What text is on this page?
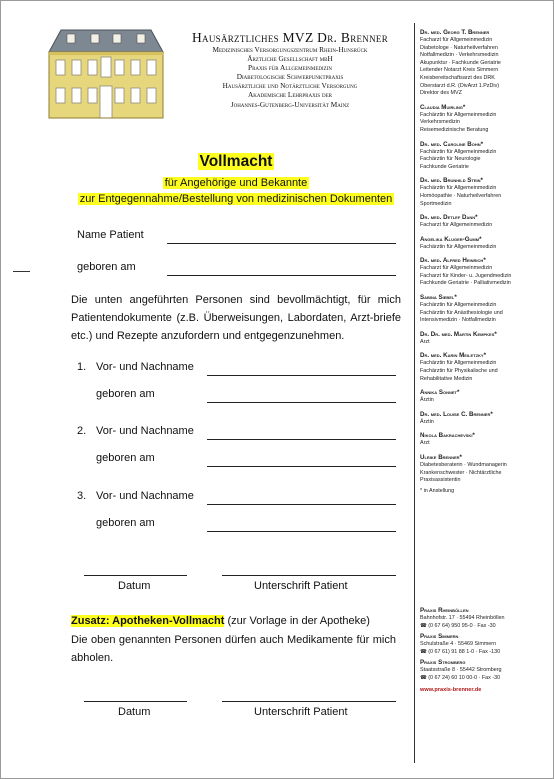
Hausärztliches MVZ Dr. Brenner
Medizinisches Versorgungszentrum Rhein-Hunsrück
Ärztliche Gesellschaft mbH
Praxis für Allgemeinmedizin
Diabetologische Schwerpunktpraxis
Hausärztliche und Notärztliche Versorgung
Akademische Lehrpraxis der
Johannes-Gutenberg-Universität Mainz
Vollmacht
für Angehörige und Bekannte
zur Entgegennahme/Bestellung von medizinischen Dokumenten
Name Patient
geboren am
Die unten angeführten Personen sind bevollmächtigt, für mich Patientendokumente (z.B. Überweisungen, Labordaten, Arzt-briefe etc.) und Rezepte anzufordern und entgegenzunehmen.
1. Vor- und Nachname
geboren am
2. Vor- und Nachname
geboren am
3. Vor- und Nachname
geboren am
Datum	Unterschrift Patient
Zusatz: Apotheken-Vollmacht (zur Vorlage in der Apotheke)
Die oben genannten Personen dürfen auch Medikamente für mich abholen.
Datum	Unterschrift Patient
Dr. med. Georg T. Brenner
Facharzt für Allgemeinmedizin
Diabetologe · Naturheilverfahren
Notfallmedizin · Verkehrsmedizin
Akupunktur · Fachkunde Geriatrie
Leitender Notarzt Kreis Simmern
Kreisbereitschaftsarzt des DRK
Oberstarzt d.R. (DivArzt 1.PzDiv)
Direktor des MVZ
Claudia Muirling*
Fachärztin für Allgemeinmedizin
Verkehrsmedizin
Reisemedizinische Beratung
Dr. med. Caroline Bohn*
Fachärztin für Allgemeinmedizin
Fachärztin für Neurologie
Fachkunde Geriatrie
Dr. med. Brunhild Stein*
Fachärztin für Allgemeinmedizin
Homöopathie · Naturheilverfahren
Sportmedizin
Dr. med. Detlef Dann*
Facharzt für Allgemeinmedizin
Angelika Kluger-Gumm*
Fachärztin für Allgemeinmedizin
Dr. med. Alfred Heinrich*
Facharzt für Allgemeinmedizin
Facharzt für Kinder- u. Jugendmedizin
Fachkunde Geriatrie · Palliativmedizin
Sabina Siebel*
Fachärztin für Allgemeinmedizin
Fachärztin für Anästhesiologie und
Intensivmedizin · Notfallmedizin
Dr. Dr. med. Martin Kempkes*
Arzt
Dr. med. Karin Meiletzky*
Fachärztin für Allgemeinmedizin
Fachärztin für Physikalische und
Rehabilitative Medizin
Annika Sonnet*
Ärztin
Dr. med. Louise C. Brenner*
Ärztin
Nikola Bakrachevski*
Arzt
Ulrike Brenner*
Diabetesberaterin · Wundmanagerin
Krankenschwester · Nichtärztliche
Praxisassistentin
* in Anstellung
Praxis Rheinböllen
Bahnhofstr. 17 · 55494 Rheinböllen
☎ (0 67 64) 950 95-0 · Fax -30
Praxis Simmern
Schulstraße 4 · 55469 Simmern
☎ (0 67 61) 91 88 1-0 · Fax -130
Praxis Stromberg
Staatsstraße 8 · 55442 Stromberg
☎ (0 67 24) 60 10 00-0 · Fax -30
www.praxis-brenner.de
